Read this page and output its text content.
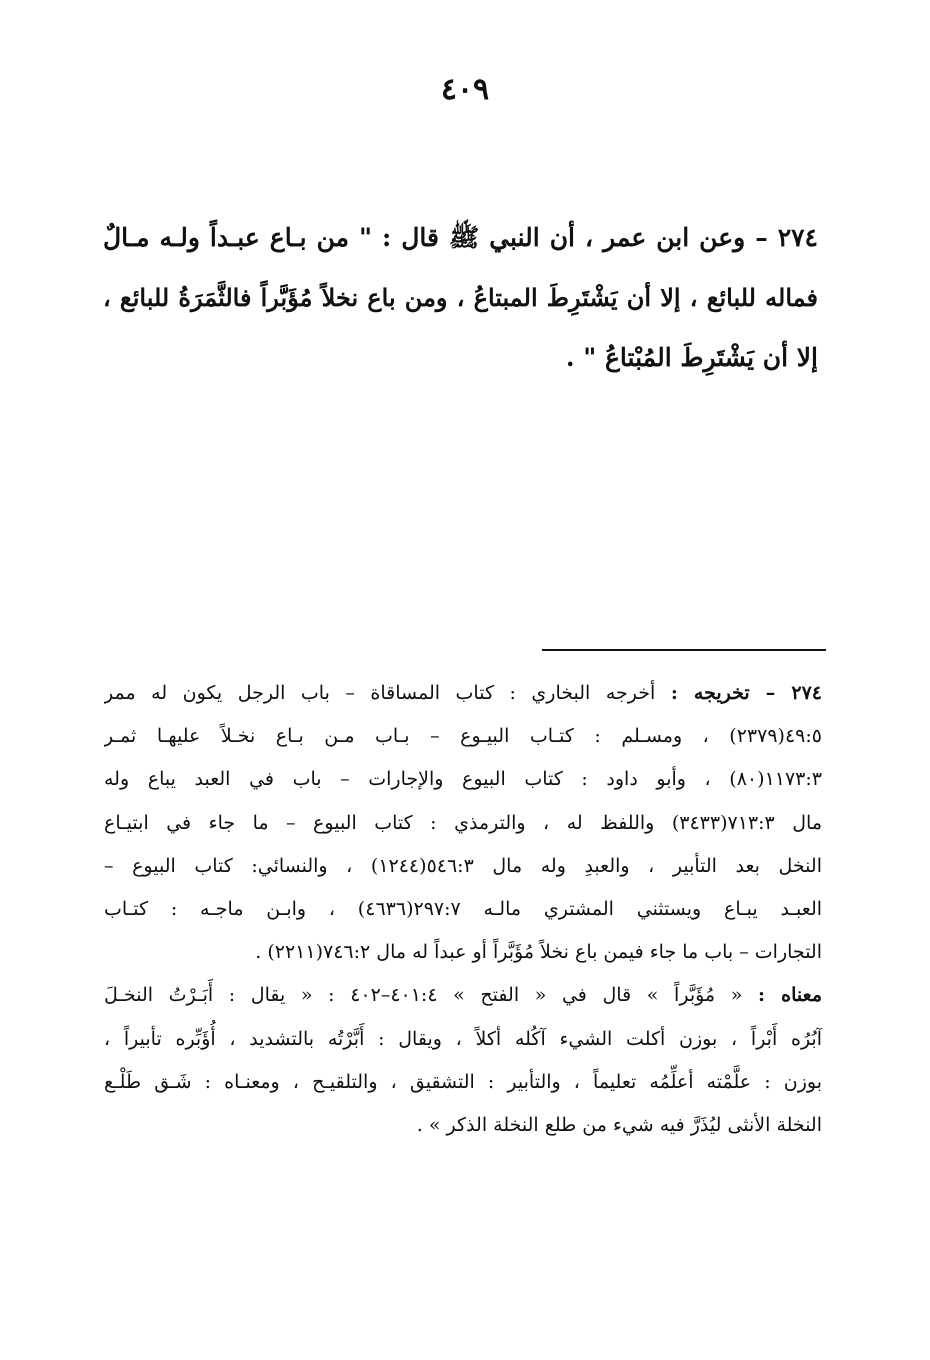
٤٠٩
٢٧٤ – وعن ابن عمر ، أن النبي ﷺ قال : " من بـاع عبـداً ولـه مـالٌ
فماله للبائع ، إلا أن يَشْتَرِطَ المبتاعُ ، ومن باع نخلاً مُؤَبَّراً فالثَّمَرَةُ للبائع ،
إلا أن يَشْتَرِطَ المُبْتاعُ " .
٢٧٤ – تخريجه : أخرجه البخاري : كتاب المساقاة – باب الرجل يكون له ممر
٤٩:٥(٢٣٧٩) ، ومسـلم : كتـاب البيـوع – بـاب مـن بـاع نخـلاً عليهـا ثمـر
١١٧٣:٣(٨٠) ، وأبو داود : كتاب البيوع والإجارات – باب في العبد يباع وله
مال ٧١٣:٣(٣٤٣٣) واللفظ له ، والترمذي : كتاب البيوع – ما جاء في ابتيـاع
النخل بعد التأبير ، والعبدِ وله مال ٥٤٦:٣(١٢٤٤) ، والنسائي: كتاب البيوع –
العبـد يبـاع ويستثني المشتري مالـه ٢٩٧:٧(٤٦٣٦) ، وابـن ماجـه : كتـاب
التجارات – باب ما جاء فيمن باع نخلاً مُؤَبَّراً أو عبداً له مال ٧٤٦:٢(٢٢١١) .
معناه : « مُؤَبَّراً » قال في « الفتح » ٤٠١:٤–٤٠٢ : « يقال : أَبَـرْتُ النخـلَ
آبُرُه أَبْراً ، بوزن أكلت الشيء آكُله أكلاً ، ويقال : أَبَّرْتُه بالتشديد ، أُؤَبِّره تأبيراً ،
بوزن : علَّمْته أعلِّمُه تعليماً ، والتأبير : التشقيق ، والتلقيـح ، ومعنـاه : شَـق طَلْـع
النخلة الأنثى ليُذَرَّ فيه شيء من طلع النخلة الذكر » .
